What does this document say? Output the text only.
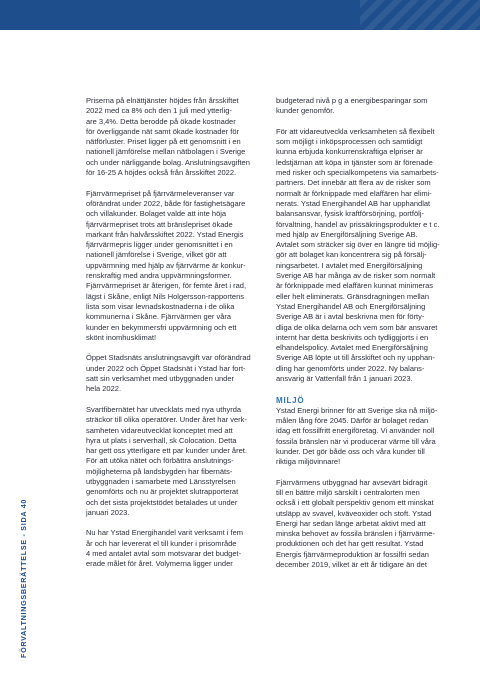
FÖRVALTNINGSBERÄTTELSE - SIDA 40

Priserna på elnättjänster höjdes från årsskiftet
2022 med ca 8% och den 1 juli med ytterlig-
are 3,4%. Detta berodde på ökade kostnader
för överliggande nät samt ökade kostnader för
nätförluster. Priset ligger på ett genomsnitt i en
nationell jämförelse mellan nätbolagen i Sverige
och under närliggande bolag. Anslutningsavgiften
för 16-25 A höjdes också från årsskiftet 2022.

Fjärrvärmepriset på fjärrvärmeleveranser var
oförändrat under 2022, både för fastighetsägare
och villakunder. Bolaget valde att inte höja
fjärrvärmepriset trots att bränslepriset ökade
markant från halvårsskiftet 2022. Ystad Energis
fjärrvärmepris ligger under genomsnittet i en
nationell jämförelse i Sverige, vilket gör att
uppvärmning med hjälp av fjärrvärme är konkur-
renskraftig med andra uppvärmningsformer.
Fjärrvärmepriset är återigen, för femte året i rad,
lägst i Skåne, enligt Nils Holgersson-rapportens
lista som visar levnadskostnaderna i de olika
kommunerna i Skåne. Fjärrvärmen ger våra
kunder en bekymmersfri uppvärmning och ett
skönt inomhusklimat!

Öppet Stadsnäts anslutningsavgift var oförändrad
under 2022 och Öppet Stadsnät i Ystad har fort-
satt sin verksamhet med utbyggnaden under
hela 2022.

Svartfibernätet har utvecklats med nya uthyrda
sträckor till olika operatörer. Under året har verk-
samheten vidareutvecklat konceptet med att
hyra ut plats i serverhall, sk Colocation. Detta
har gett oss ytterligare ett par kunder under året.
För att utöka nätet och förbättra anslutnings-
möjligheterna på landsbygden har fibernäts-
utbyggnaden i samarbete med Länsstyrelsen
genomförts och nu är projektet slutrapporterat
och det sista projektstödet betalades ut under
januari 2023.

Nu har Ystad Energihandel varit verksamt i fem
år och har levererat el till kunder i prisområde
4 med antalet avtal som motsvarar det budget-
erade målet för året. Volymerna ligger under

budgeterad nivå p g a energibesparingar som
kunder genomför.

För att vidareutveckla verksamheten så flexibelt
som möjligt i inköpsprocessen och samtidigt
kunna erbjuda konkurrenskraftiga elpriser är
ledstjärnan att köpa in tjänster som är förenade
med risker och specialkompetens via samarbets-
partners. Det innebär att flera av de risker som
normalt är förknippade med elaffären har elimi-
nerats. Ystad Energihandel AB har upphandlat
balansansvar, fysisk kraftförsörjning, portfölj-
förvaltning, handel av prissäkringsprodukter e t c.
med hjälp av Energiförsäljning Sverige AB.
Avtalet som sträcker sig över en längre tid möjlig-
gör att bolaget kan koncentrera sig på försälj-
ningsarbetet. I avtalet med Energiförsäljning
Sverige AB har många av de risker som normalt
är förknippade med elaffären kunnat minimeras
eller helt eliminerats. Gränsdragningen mellan
Ystad Energihandel AB och Energiförsäljning
Sverige AB är i avtal beskrivna men för förty-
dliga de olika delarna och vem som bär ansvaret
internt har detta beskrivits och tydliggjorts i en
elhandelspolicy. Avtalet med Energiförsäljning
Sverige AB löpte ut till årsskiftet och ny upphan-
dling har genomförts under 2022. Ny balans-
ansvarig är Vattenfall från 1 januari 2023.

MILJÖ

Ystad Energi brinner för att Sverige ska nå miljö-
målen lång före 2045. Därför är bolaget redan
idag ett fossilfritt energiföretag. Vi använder noll
fossila bränslen när vi producerar värme till våra
kunder. Det gör både oss och våra kunder till
riktiga miljövinnare!

Fjärrvärmens utbyggnad har avsevärt bidragit
till en bättre miljö särskilt i centralorten men
också i ett globalt perspektiv genom ett minskat
utsläpp av svavel, kväveoxider och stoft. Ystad
Energi har sedan länge arbetat aktivt med att
minska behovet av fossila bränslen i fjärrvärme-
produktionen och det har gett resultat. Ystad
Energis fjärrvärmeproduktion är fossilfri sedan
december 2019, vilket är ett år tidigare än det
